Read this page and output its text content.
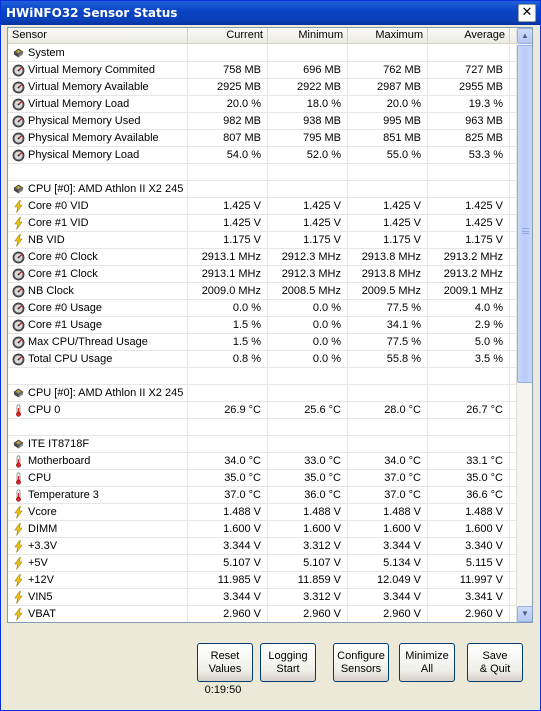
HWiNFO32 Sensor Status	✕
Sensor	Current	Minimum	Maximum	Average
System
Virtual Memory Commited	758 MB	696 MB	762 MB	727 MB
Virtual Memory Available	2925 MB	2922 MB	2987 MB	2955 MB
Virtual Memory Load	20.0 %	18.0 %	20.0 %	19.3 %
Physical Memory Used	982 MB	938 MB	995 MB	963 MB
Physical Memory Available	807 MB	795 MB	851 MB	825 MB
Physical Memory Load	54.0 %	52.0 %	55.0 %	53.3 %
CPU [#0]: AMD Athlon II X2 245
Core #0 VID	1.425 V	1.425 V	1.425 V	1.425 V
Core #1 VID	1.425 V	1.425 V	1.425 V	1.425 V
NB VID	1.175 V	1.175 V	1.175 V	1.175 V
Core #0 Clock	2913.1 MHz	2912.3 MHz	2913.8 MHz	2913.2 MHz
Core #1 Clock	2913.1 MHz	2912.3 MHz	2913.8 MHz	2913.2 MHz
NB Clock	2009.0 MHz	2008.5 MHz	2009.5 MHz	2009.1 MHz
Core #0 Usage	0.0 %	0.0 %	77.5 %	4.0 %
Core #1 Usage	1.5 %	0.0 %	34.1 %	2.9 %
Max CPU/Thread Usage	1.5 %	0.0 %	77.5 %	5.0 %
Total CPU Usage	0.8 %	0.0 %	55.8 %	3.5 %
CPU [#0]: AMD Athlon II X2 245
CPU 0	26.9 °C	25.6 °C	28.0 °C	26.7 °C
ITE IT8718F
Motherboard	34.0 °C	33.0 °C	34.0 °C	33.1 °C
CPU	35.0 °C	35.0 °C	37.0 °C	35.0 °C
Temperature 3	37.0 °C	36.0 °C	37.0 °C	36.6 °C
Vcore	1.488 V	1.488 V	1.488 V	1.488 V
DIMM	1.600 V	1.600 V	1.600 V	1.600 V
+3.3V	3.344 V	3.312 V	3.344 V	3.340 V
+5V	5.107 V	5.107 V	5.134 V	5.115 V
+12V	11.985 V	11.859 V	12.049 V	11.997 V
VIN5	3.344 V	3.312 V	3.344 V	3.341 V
VBAT	2.960 V	2.960 V	2.960 V	2.960 V
▲
▼
Reset
Values
Logging
Start
Configure
Sensors
Minimize
All
Save
& Quit
0:19:50
